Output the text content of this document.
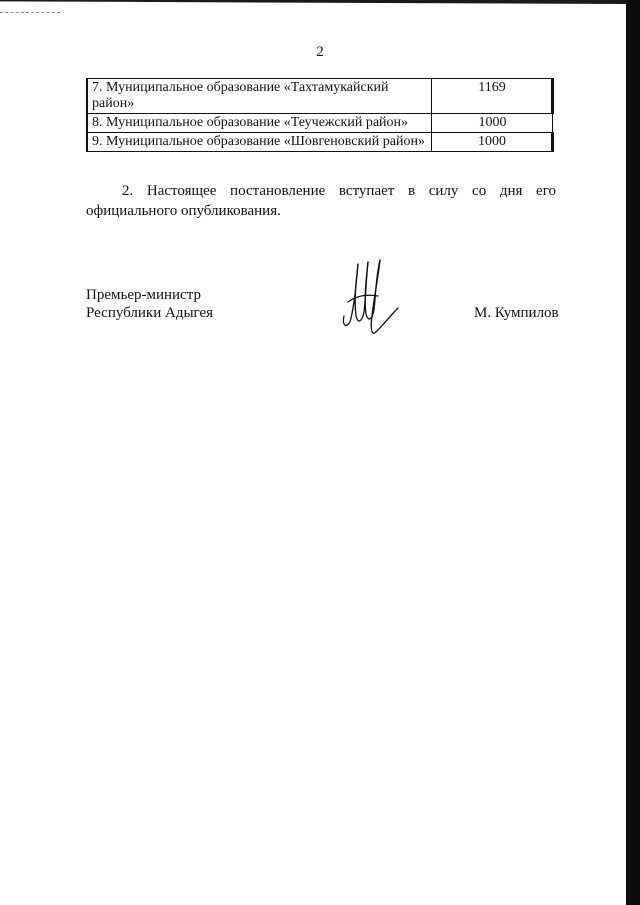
2
7. Муниципальное образование «Тахтамукайский район»	1169
8. Муниципальное образование «Теучежский район»	1000
9. Муниципальное образование «Шовгеновский район»	1000
2. Настоящее постановление вступает в силу со дня его официального опубликования.
Премьер-министр
Республики Адыгея	М. Кумпилов
